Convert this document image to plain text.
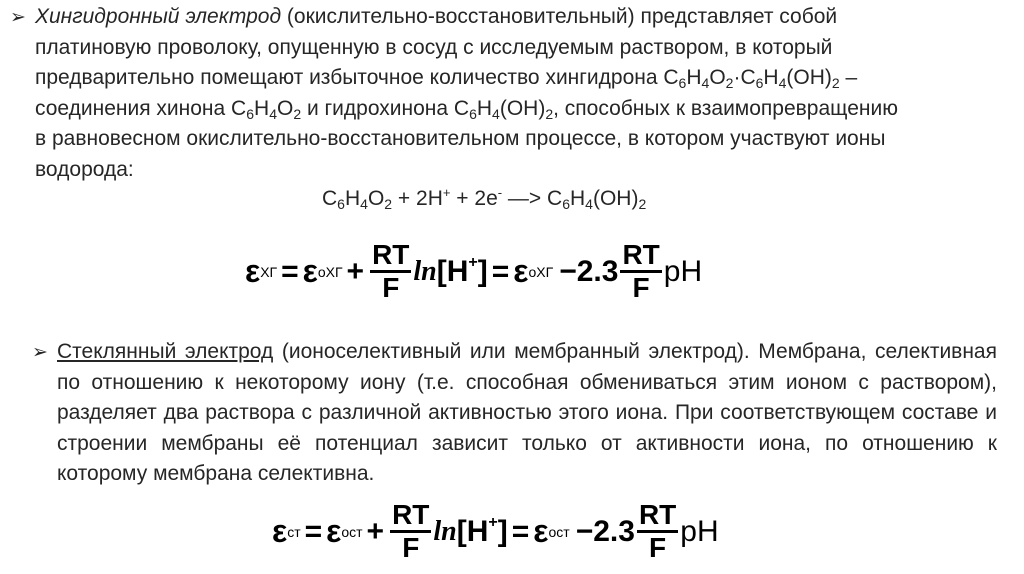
➢ Хингидронный электрод (окислительно-восстановительный) представляет собой
платиновую проволоку, опущенную в сосуд с исследуемым раствором, в который
предварительно помещают избыточное количество хингидрона $C_6H_4O_2\cdot C_6H_4(OH)_2$ –
соединения хинона $C_6H_4O_2$ и гидрохинона $C_6H_4(OH)_2$, способных к взаимопревращению
в равновесном окислительно-восстановительном процессе, в котором участвуют ионы
водорода:
$C_6H_4O_2 + 2H^+ + 2e^-$ —> $C_6H_4(OH)_2$
ε ХГ = ε o ХГ + $\frac{RT}{F}$ ln [H+] = ε o ХГ $-2.3 \frac{RT}{F}$ pH
➢ Стеклянный электрод (ионоселективный или мембранный электрод). Мембрана, селективная по отношению к некоторому иону (т.е. способная обмениваться этим ионом с раствором), разделяет два раствора с различной активностью этого иона. При соответствующем составе и строении мембраны её потенциал зависит только от активности иона, по отношению к которому мембрана селективна.
ε ст = ε o ст + $\frac{RT}{F}$ ln [H+] = ε o ст $-2.3 \frac{RT}{F}$ pH
